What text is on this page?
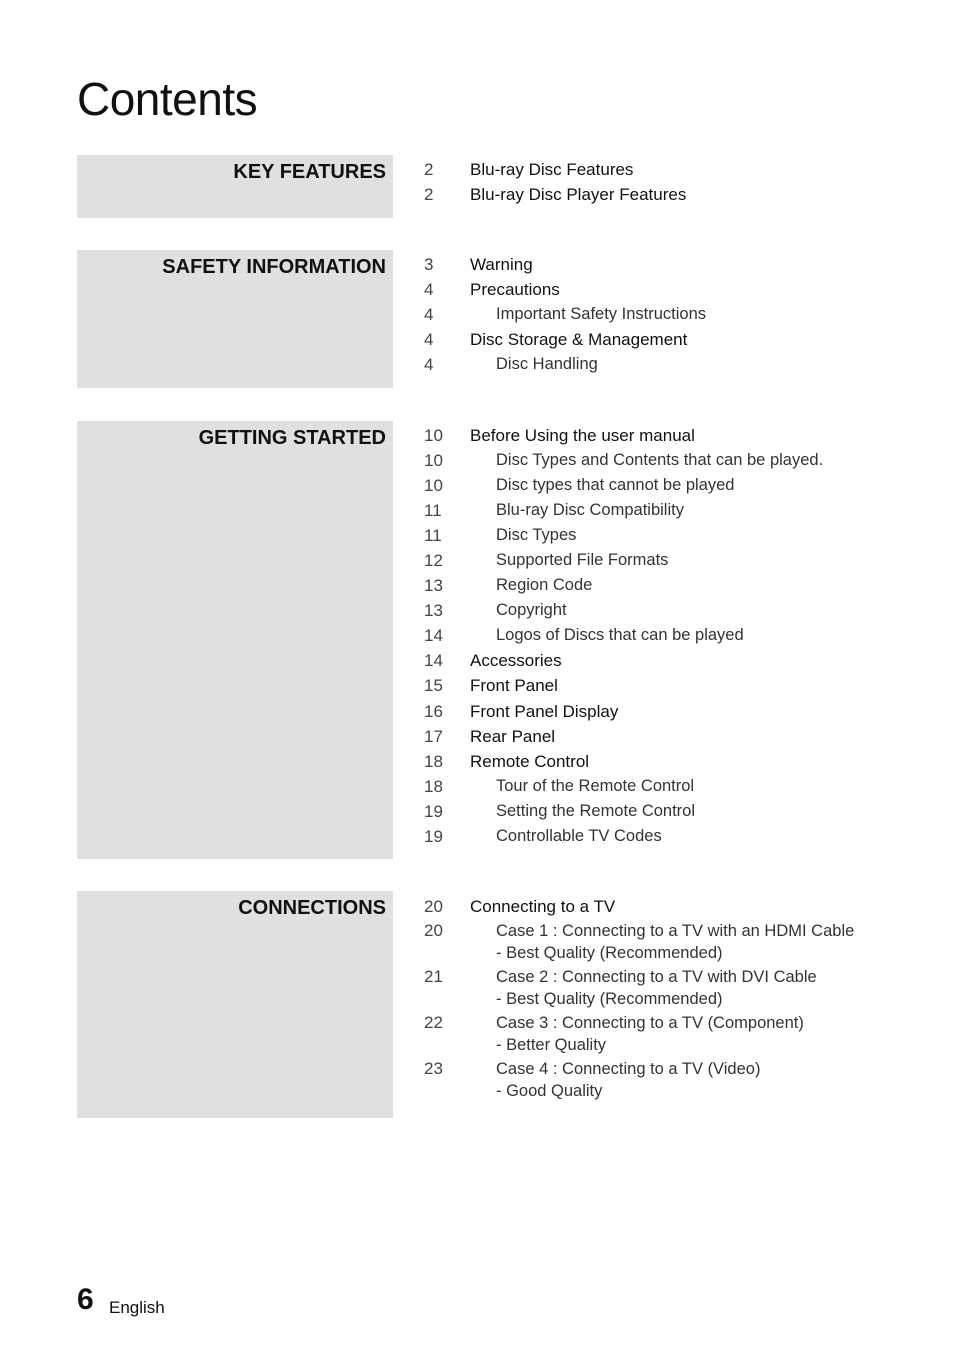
Contents
KEY FEATURES 2	Blu-ray Disc Features
2	Blu-ray Disc Player Features
SAFETY INFORMATION 3	Warning
4	Precautions
4	Important Safety Instructions
4	Disc Storage & Management
4	Disc Handling
GETTING STARTED 10	Before Using the user manual
10	Disc Types and Contents that can be played.
10	Disc types that cannot be played
11	Blu-ray Disc Compatibility
11	Disc Types
12	Supported File Formats
13	Region Code
13	Copyright
14	Logos of Discs that can be played
14	Accessories
15	Front Panel
16	Front Panel Display
17	Rear Panel
18	Remote Control
18	Tour of the Remote Control
19	Setting the Remote Control
19	Controllable TV Codes
CONNECTIONS 20	Connecting to a TV
20	Case 1 : Connecting to a TV with an HDMI Cable
- Best Quality (Recommended)
21	Case 2 : Connecting to a TV with DVI Cable
- Best Quality (Recommended)
22	Case 3 : Connecting to a TV (Component)
- Better Quality
23	Case 4 : Connecting to a TV (Video)
- Good Quality
6 English
